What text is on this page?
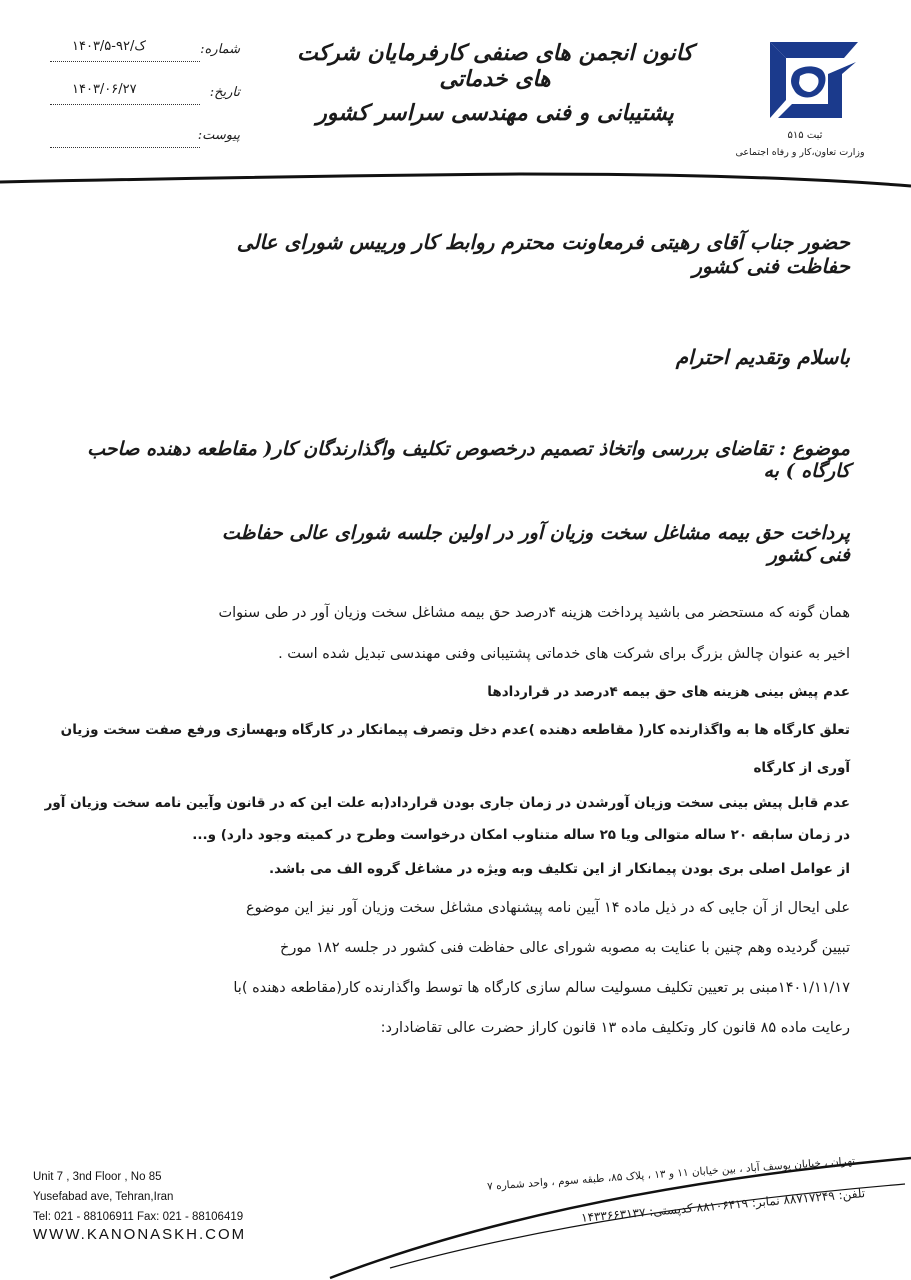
ثبت ۵۱۵
وزارت تعاون،کار و رفاه اجتماعی
کانون انجمن های صنفی کارفرمایان شرکت های خدماتی
پشتیبانی و فنی مهندسی سراسر کشور
شماره:
۱۴۰۳/۵-۹۲/ک
تاریخ:
۱۴۰۳/۰۶/۲۷
پیوست:
حضور جناب آقای رهیتی فرمعاونت محترم روابط کار ورییس شورای عالی حفاظت فنی کشور
باسلام وتقدیم احترام
موضوع : تقاضای بررسی واتخاذ تصمیم درخصوص تکلیف واگذارندگان کار( مقاطعه دهنده صاحب کارگاه ) به
پرداخت حق بیمه مشاغل سخت وزیان آور در اولین جلسه شورای عالی حفاظت فنی کشور
همان گونه که مستحضر می باشید پرداخت هزینه ۴درصد حق بیمه مشاغل سخت وزیان آور در طی سنوات
اخیر به عنوان چالش بزرگ برای شرکت های خدماتی پشتیبانی وفنی مهندسی تبدیل شده است .
عدم پیش بینی هزینه های حق بیمه ۴درصد در قراردادها
تعلق کارگاه ها به واگذارنده کار( مقاطعه دهنده )عدم دخل وتصرف پیمانکار در کارگاه وبهسازی ورفع صفت سخت وزیان
آوری از کارگاه
عدم قابل پیش بینی سخت وزیان آورشدن در زمان جاری بودن قرارداد(به علت این که در قانون وآیین نامه سخت وزیان آور
در زمان سابقه ۲۰ ساله متوالی ویا ۲۵ ساله متناوب امکان درخواست وطرح در کمیته وجود دارد) و...
از عوامل اصلی بری بودن پیمانکار از این تکلیف وبه ویژه در مشاغل گروه الف می باشد.
علی ایحال از آن جایی که در ذیل ماده ۱۴ آیین نامه پیشنهادی مشاغل سخت وزیان آور نیز این موضوع
تبیین گردیده وهم چنین با عنایت به مصوبه شورای عالی حفاظت فنی کشور در جلسه ۱۸۲ مورخ
۱۴۰۱/۱۱/۱۷مبنی بر تعیین تکلیف مسولیت سالم سازی کارگاه ها توسط واگذارنده کار(مقاطعه دهنده )با
رعایت ماده ۸۵ قانون کار وتکلیف ماده ۱۳ قانون کاراز حضرت عالی تقاضادارد:
تهران ، خیابان یوسف آباد ، بین خیابان ۱۱ و ۱۳ ، پلاک ۸۵، طبقه سوم ، واحد شماره ۷
تلفن: ۸۸۷۱۷۲۴۹ نمابر: ۸۸۱۰۶۴۱۹ کدپستی: ۱۴۳۳۶۶۳۱۳۷
Unit 7 , 3nd Floor , No 85
Yusefabad ave, Tehran,Iran
Tel: 021 - 88106911 Fax: 021 - 88106419
WWW.KANONASKH.COM
